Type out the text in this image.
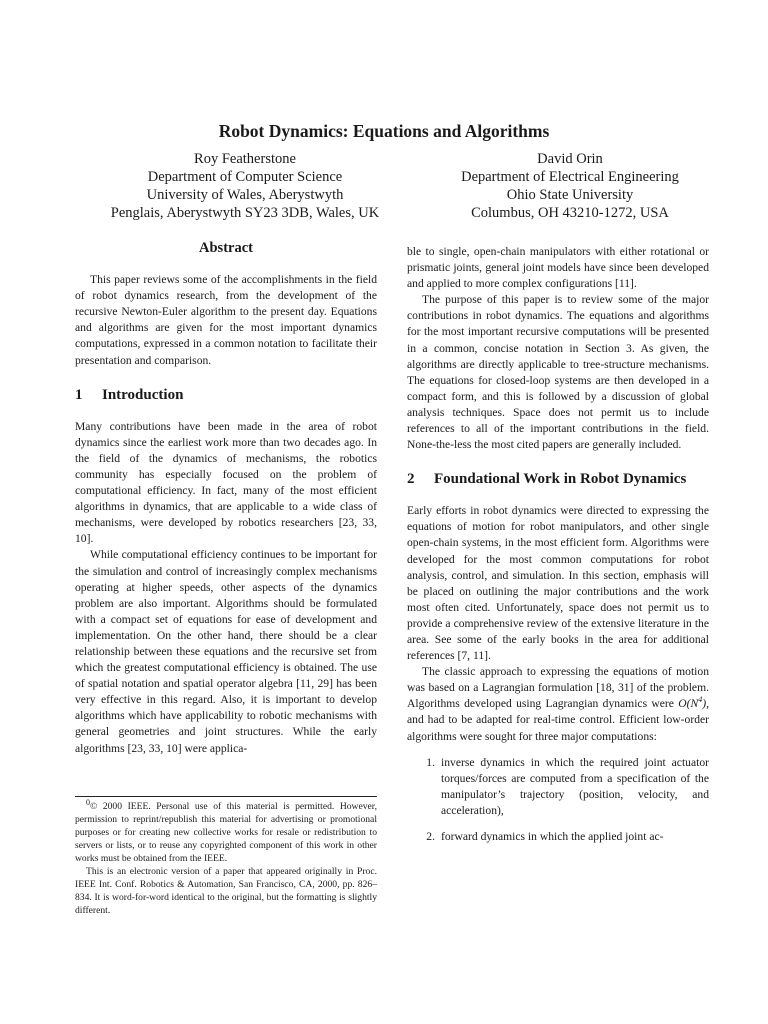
Robot Dynamics: Equations and Algorithms
Roy Featherstone
Department of Computer Science
University of Wales, Aberystwyth
Penglais, Aberystwyth SY23 3DB, Wales, UK
David Orin
Department of Electrical Engineering
Ohio State University
Columbus, OH 43210-1272, USA
Abstract

This paper reviews some of the accomplishments in the field of robot dynamics research, from the development of the recursive Newton-Euler algorithm to the present day. Equations and algorithms are given for the most important dynamics computations, expressed in a common notation to facilitate their presentation and comparison.

1	Introduction

Many contributions have been made in the area of robot dynamics since the earliest work more than two decades ago. In the field of the dynamics of mechanisms, the robotics community has especially focused on the problem of computational efficiency. In fact, many of the most efficient algorithms in dynamics, that are applicable to a wide class of mechanisms, were developed by robotics researchers [23, 33, 10].

While computational efficiency continues to be important for the simulation and control of increasingly complex mechanisms operating at higher speeds, other aspects of the dynamics problem are also important. Algorithms should be formulated with a compact set of equations for ease of development and implementation. On the other hand, there should be a clear relationship between these equations and the recursive set from which the greatest computational efficiency is obtained. The use of spatial notation and spatial operator algebra [11, 29] has been very effective in this regard. Also, it is important to develop algorithms which have applicability to robotic mechanisms with general geometries and joint structures. While the early algorithms [23, 33, 10] were applica-

$^0$© 2000 IEEE. Personal use of this material is permitted. However, permission to reprint/republish this material for advertising or promotional purposes or for creating new collective works for resale or redistribution to servers or lists, or to reuse any copyrighted component of this work in other works must be obtained from the IEEE.

This is an electronic version of a paper that appeared originally in Proc. IEEE Int. Conf. Robotics & Automation, San Francisco, CA, 2000, pp. 826–834. It is word-for-word identical to the original, but the formatting is slightly different.

ble to single, open-chain manipulators with either rotational or prismatic joints, general joint models have since been developed and applied to more complex configurations [11].

The purpose of this paper is to review some of the major contributions in robot dynamics. The equations and algorithms for the most important recursive computations will be presented in a common, concise notation in Section 3. As given, the algorithms are directly applicable to tree-structure mechanisms. The equations for closed-loop systems are then developed in a compact form, and this is followed by a discussion of global analysis techniques. Space does not permit us to include references to all of the important contributions in the field. None-the-less the most cited papers are generally included.

2	Foundational Work in Robot Dynamics

Early efforts in robot dynamics were directed to expressing the equations of motion for robot manipulators, and other single open-chain systems, in the most efficient form. Algorithms were developed for the most common computations for robot analysis, control, and simulation. In this section, emphasis will be placed on outlining the major contributions and the work most often cited. Unfortunately, space does not permit us to provide a comprehensive review of the extensive literature in the area. See some of the early books in the area for additional references [7, 11].

The classic approach to expressing the equations of motion was based on a Lagrangian formulation [18, 31] of the problem. Algorithms developed using Lagrangian dynamics were $O(N^4)$, and had to be adapted for real-time control. Efficient low-order algorithms were sought for three major computations:

1. inverse dynamics in which the required joint actuator torques/forces are computed from a specification of the manipulator’s trajectory (position, velocity, and acceleration),
2. forward dynamics in which the applied joint ac-
